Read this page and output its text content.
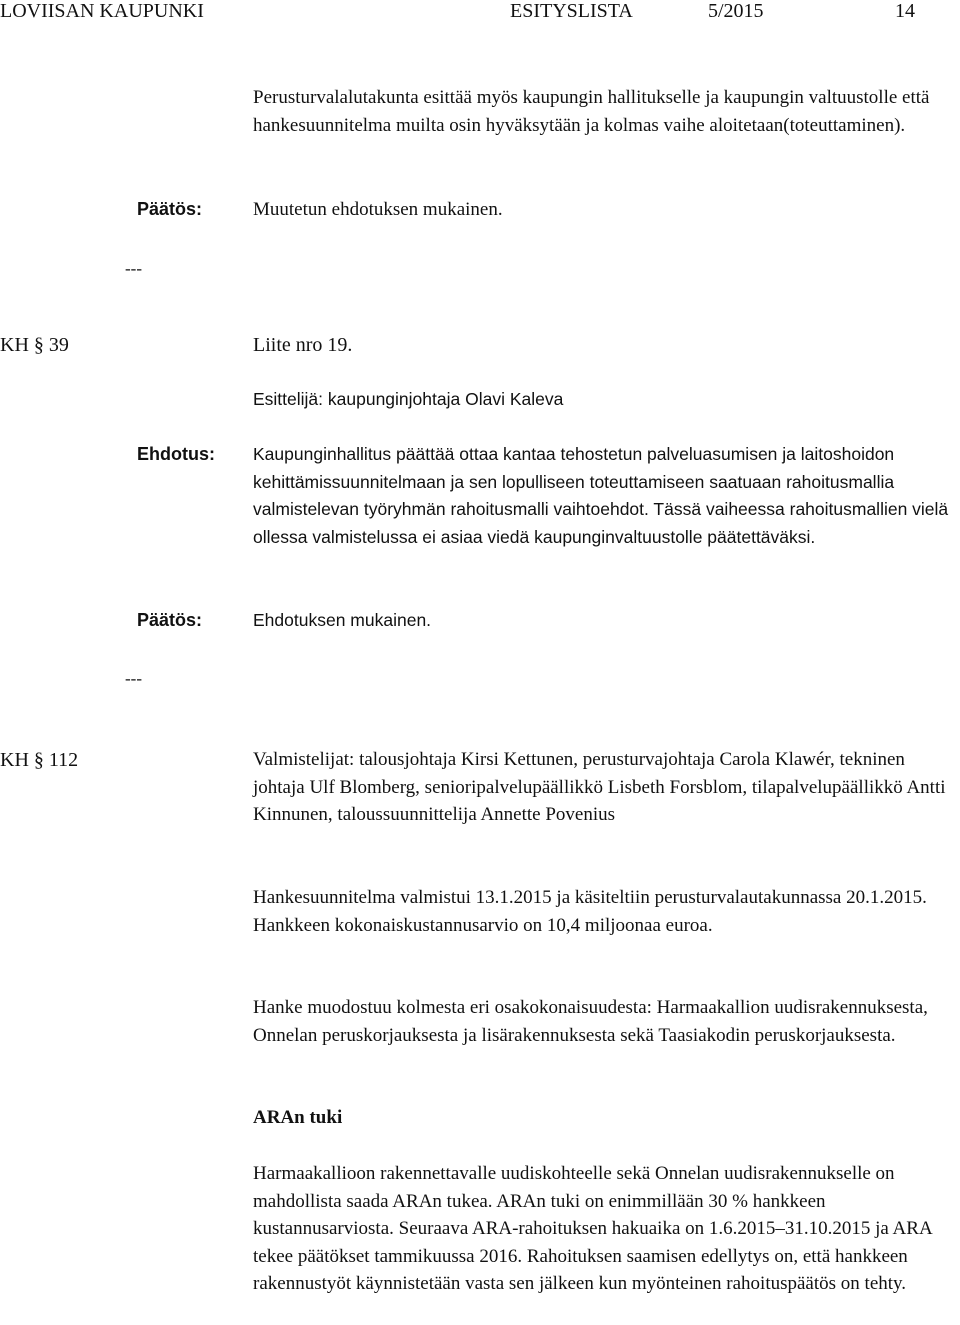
LOVIISAN KAUPUNKI	ESITYSLISTA	5/2015	14

Perusturvalalutakunta esittää myös kaupungin hallitukselle ja kaupungin valtuustolle että hankesuunnitelma muilta osin hyväksytään ja kolmas vaihe aloitetaan(toteuttaminen).

Päätös:	Muutetun ehdotuksen mukainen.
---
KH § 39	Liite nro 19.
Esittelijä: kaupunginjohtaja Olavi Kaleva
Ehdotus: Kaupunginhallitus päättää ottaa kantaa tehostetun palveluasumisen ja laitoshoidon kehittämissuunnitelmaan ja sen lopulliseen toteuttamiseen saatuaan rahoitusmallia valmistelevan työryhmän rahoitusmalli vaihtoehdot. Tässä vaiheessa rahoitusmallien vielä ollessa valmistelussa ei asiaa viedä kaupunginvaltuustolle päätettäväksi.

Päätös:	Ehdotuksen mukainen.
---
KH § 112	Valmistelijat: talousjohtaja Kirsi Kettunen, perusturvajohtaja Carola Klawér, tekninen johtaja Ulf Blomberg, senioripalvelupäällikkö Lisbeth Forsblom, tilapalvelupäällikkö Antti Kinnunen, taloussuunnittelija Annette Povenius

Hankesuunnitelma valmistui 13.1.2015 ja käsiteltiin perusturvalautakunnassa 20.1.2015. Hankkeen kokonaiskustannusarvio on 10,4 miljoonaa euroa.

Hanke muodostuu kolmesta eri osakokonaisuudesta: Harmaakallion uudisrakennuksesta, Onnelan peruskorjauksesta ja lisärakennuksesta sekä Taasiakodin peruskorjauksesta.

ARAn tuki

Harmaakallioon rakennettavalle uudiskohteelle sekä Onnelan uudisrakennukselle on mahdollista saada ARAn tukea. ARAn tuki on enimmillään 30 % hankkeen kustannusarviosta. Seuraava ARA-rahoituksen hakuaika on 1.6.2015–31.10.2015 ja ARA tekee päätökset tammikuussa 2016. Rahoituksen saamisen edellytys on, että hankkeen rakennustyöt käynnistetään vasta sen jälkeen kun myönteinen rahoituspäätös on tehty.
